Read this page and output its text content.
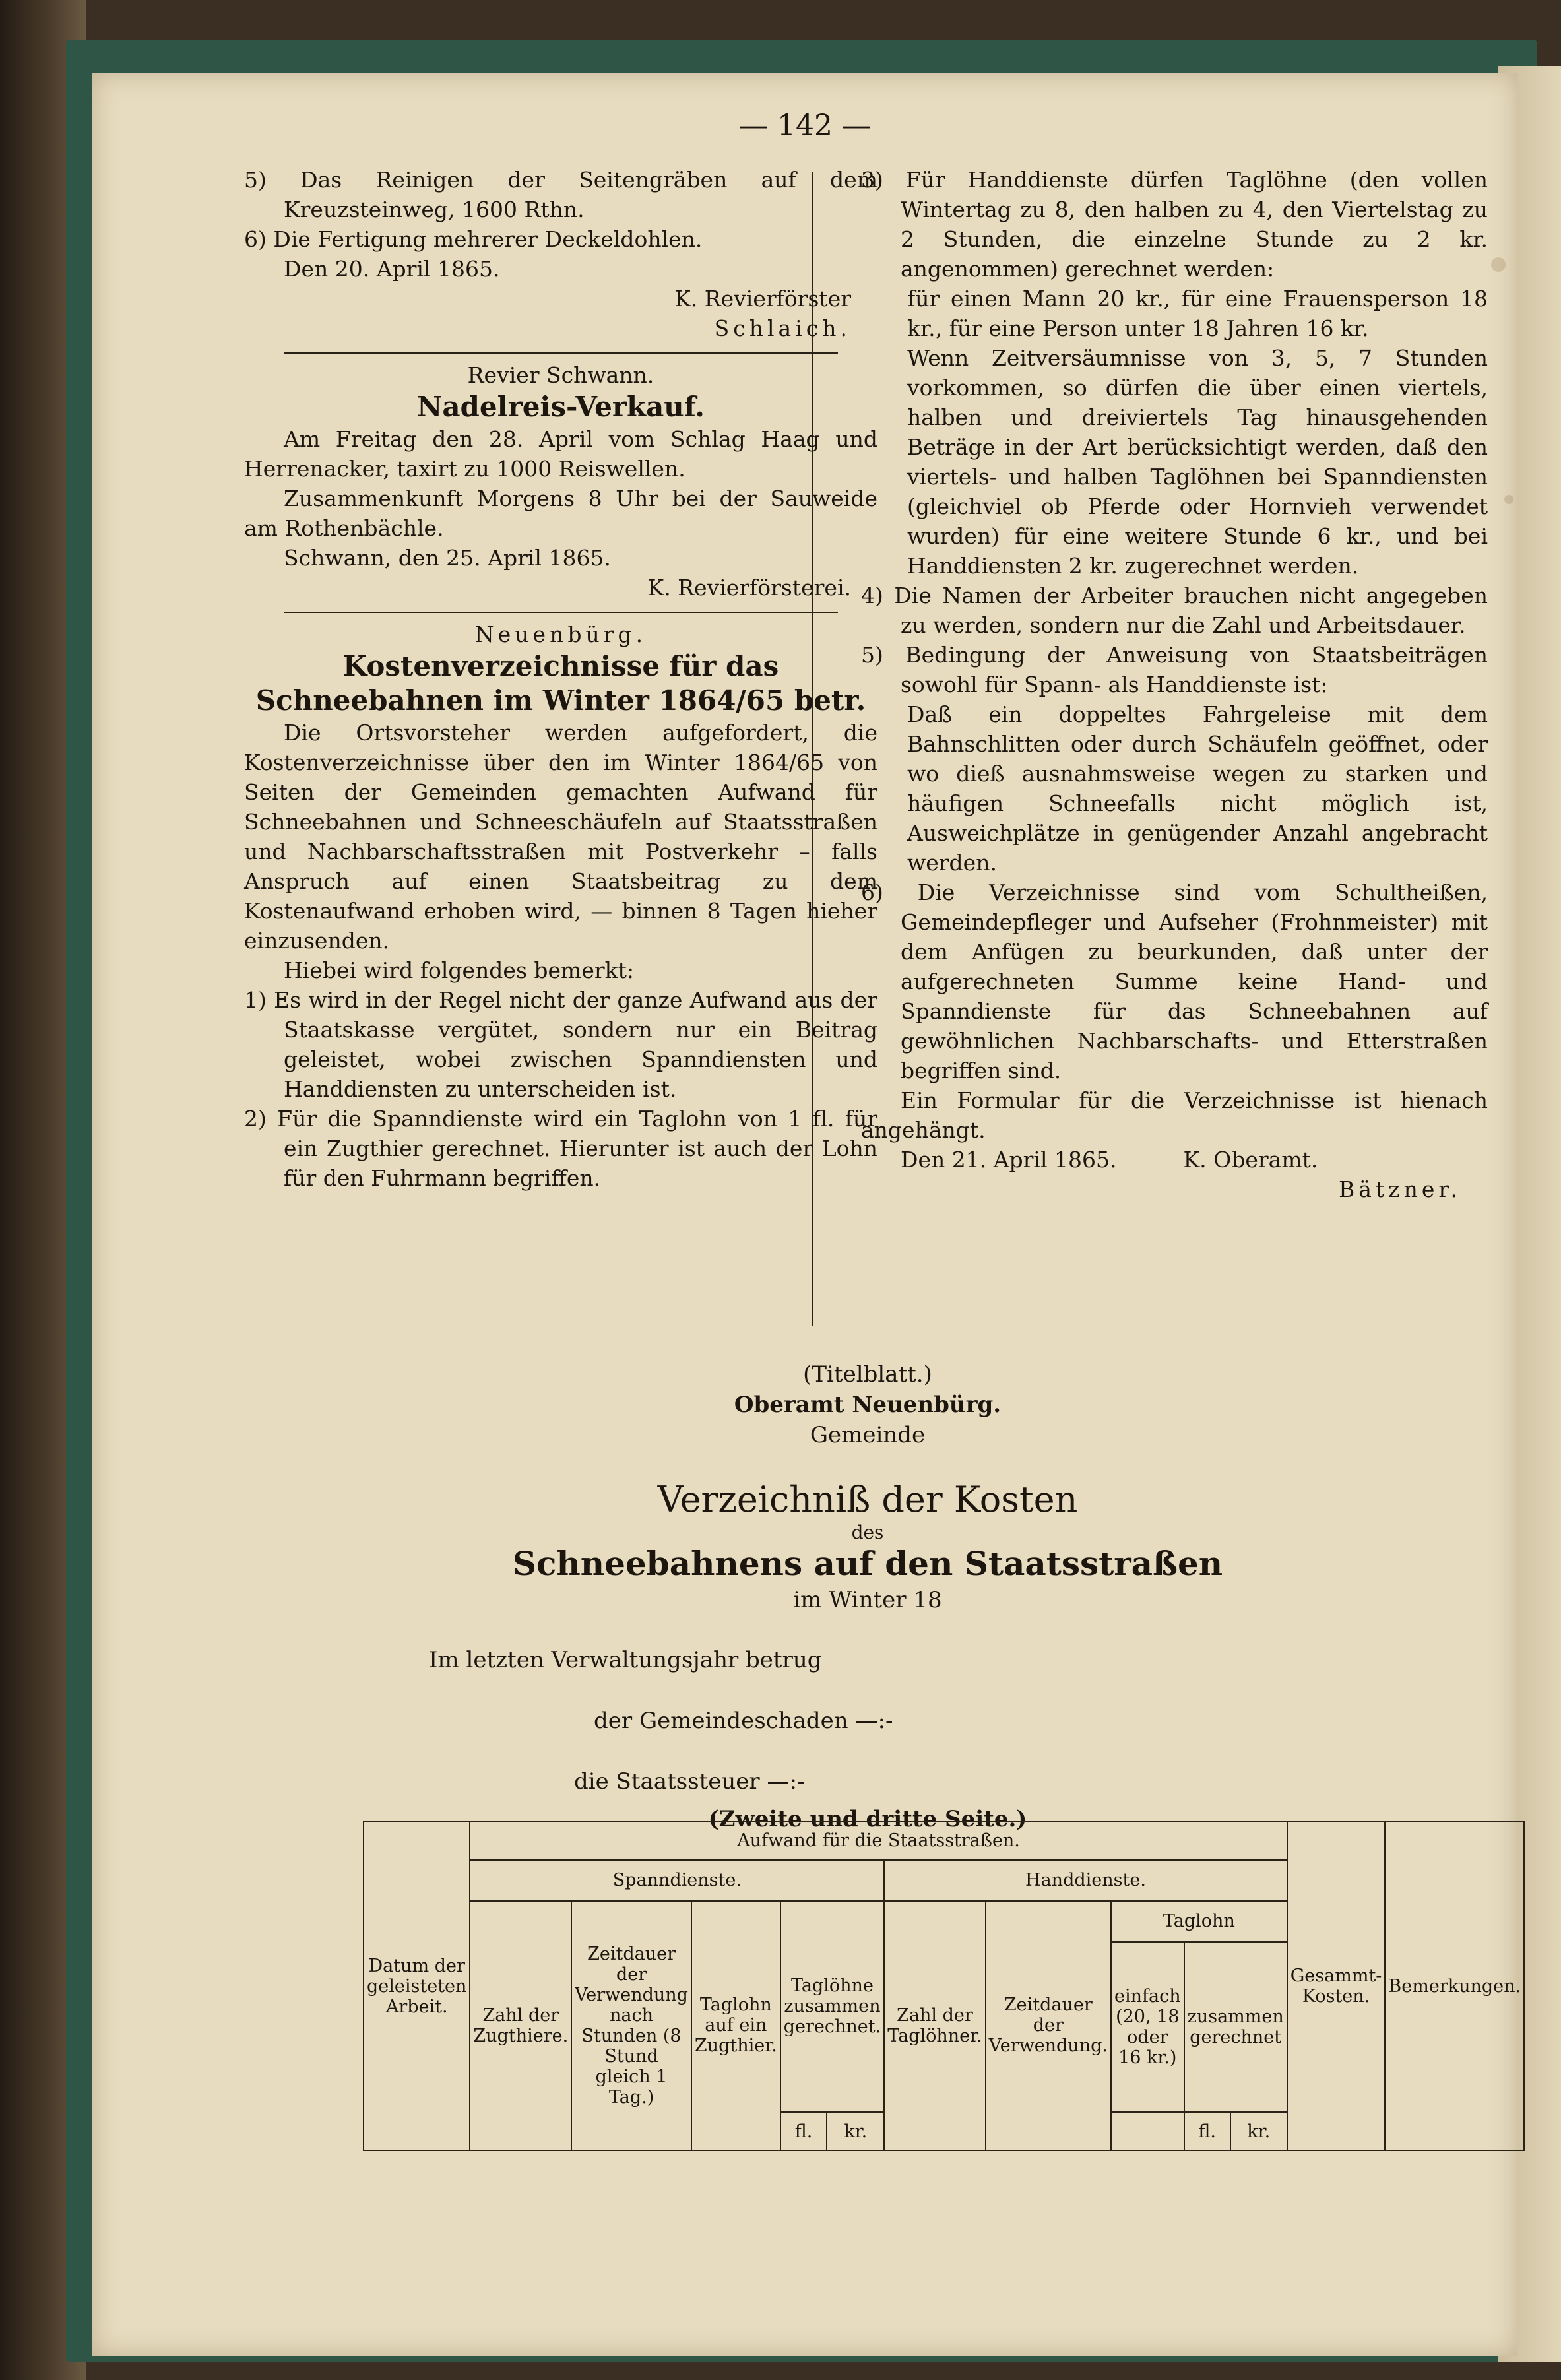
— 142 —

5) Das Reinigen der Seitengräben auf dem Kreuzsteinweg, 1600 Rthn.

6) Die Fertigung mehrerer Deckeldohlen.

Den 20. April 1865.

K. Revierförster

Schlaich.

Revier Schwann.

Nadelreis-Verkauf.

Am Freitag den 28. April vom Schlag Haag und Herrenacker, taxirt zu 1000 Reiswellen.

Zusammenkunft Morgens 8 Uhr bei der Sauweide am Rothenbächle.

Schwann, den 25. April 1865.

K. Revierförsterei.

Neuenbürg.

Kostenverzeichnisse für das Schneebahnen im Winter 1864/65 betr.

Die Ortsvorsteher werden aufgefordert, die Kostenverzeichnisse über den im Winter 1864/65 von Seiten der Gemeinden gemachten Aufwand für Schneebahnen und Schneeschäufeln auf Staatsstraßen und Nachbarschaftsstraßen mit Postverkehr – falls Anspruch auf einen Staatsbeitrag zu dem Kostenaufwand erhoben wird, — binnen 8 Tagen hieher einzusenden.

Hiebei wird folgendes bemerkt:

1) Es wird in der Regel nicht der ganze Aufwand aus der Staatskasse vergütet, sondern nur ein Beitrag geleistet, wobei zwischen Spanndiensten und Handdiensten zu unterscheiden ist.

2) Für die Spanndienste wird ein Taglohn von 1 fl. für ein Zugthier gerechnet. Hierunter ist auch der Lohn für den Fuhrmann begriffen.

3) Für Handdienste dürfen Taglöhne (den vollen Wintertag zu 8, den halben zu 4, den Viertelstag zu 2 Stunden, die einzelne Stunde zu 2 kr. angenommen) gerechnet werden:

für einen Mann 20 kr., für eine Frauensperson 18 kr., für eine Person unter 18 Jahren 16 kr.

Wenn Zeitversäumnisse von 3, 5, 7 Stunden vorkommen, so dürfen die über einen viertels, halben und dreiviertels Tag hinausgehenden Beträge in der Art berücksichtigt werden, daß den viertels- und halben Taglöhnen bei Spanndiensten (gleichviel ob Pferde oder Hornvieh verwendet wurden) für eine weitere Stunde 6 kr., und bei Handdiensten 2 kr. zugerechnet werden.

4) Die Namen der Arbeiter brauchen nicht angegeben zu werden, sondern nur die Zahl und Arbeitsdauer.

5) Bedingung der Anweisung von Staatsbeiträgen sowohl für Spann- als Handdienste ist:

Daß ein doppeltes Fahrgeleise mit dem Bahnschlitten oder durch Schäufeln geöffnet, oder wo dieß ausnahmsweise wegen zu starken und häufigen Schneefalls nicht möglich ist, Ausweichplätze in genügender Anzahl angebracht werden.

6) Die Verzeichnisse sind vom Schultheißen, Gemeindepfleger und Aufseher (Frohnmeister) mit dem Anfügen zu beurkunden, daß unter der aufgerechneten Summe keine Hand- und Spanndienste für das Schneebahnen auf gewöhnlichen Nachbarschafts- und Etterstraßen begriffen sind.

Ein Formular für die Verzeichnisse ist hienach angehängt.

Den 21. April 1865.	K. Oberamt.

Bätzner.

(Titelblatt.)

Oberamt Neuenbürg.

Gemeinde

Verzeichniß der Kosten

des

Schneebahnens auf den Staatsstraßen

im Winter 18

Im letzten Verwaltungsjahr betrug

der Gemeindeschaden —:-

die Staatssteuer —:-

(Zweite und dritte Seite.)

Datum der geleisteten Arbeit.	Aufwand für die Staatsstraßen.										Gesammt-Kosten.	Bemerkungen.
	Spanndienste.					Handdienste.						
	Zahl der Zugthiere.	Zeitdauer der Verwendung nach Stunden (8 Stund gleich 1 Tag.)	Taglohn auf ein Zugthier.	Taglöhne zusammen gerechnet.		Zahl der Taglöhner.	Zeitdauer der Verwendung.	Taglohn				
								einfach (20, 18 oder 16 kr.)	zusammen gerechnet			
				fl.	kr.				fl.	kr.		
